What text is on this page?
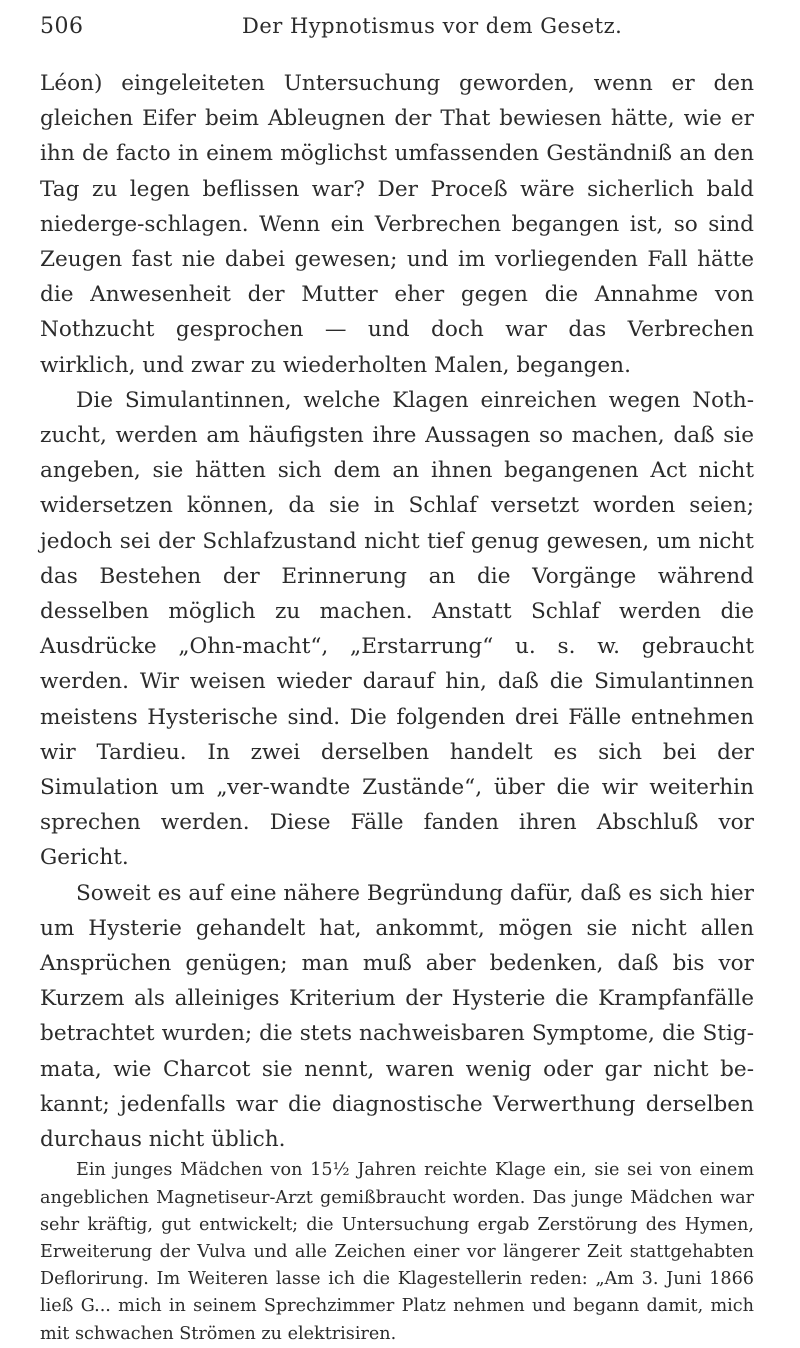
506	Der Hypnotismus vor dem Gesetz.

Léon) eingeleiteten Untersuchung geworden, wenn er den gleichen Eifer beim Ableugnen der That bewiesen hätte, wie er ihn de facto in einem möglichst umfassenden Geständniß an den Tag zu legen beflissen war? Der Proceß wäre sicherlich bald niederge-schlagen. Wenn ein Verbrechen begangen ist, so sind Zeugen fast nie dabei gewesen; und im vorliegenden Fall hätte die Anwesenheit der Mutter eher gegen die Annahme von Nothzucht gesprochen — und doch war das Verbrechen wirklich, und zwar zu wiederholten Malen, begangen.

Die Simulantinnen, welche Klagen einreichen wegen Noth-zucht, werden am häufigsten ihre Aussagen so machen, daß sie angeben, sie hätten sich dem an ihnen begangenen Act nicht widersetzen können, da sie in Schlaf versetzt worden seien; jedoch sei der Schlafzustand nicht tief genug gewesen, um nicht das Bestehen der Erinnerung an die Vorgänge während desselben möglich zu machen. Anstatt Schlaf werden die Ausdrücke „Ohn-macht“, „Erstarrung“ u. s. w. gebraucht werden. Wir weisen wieder darauf hin, daß die Simulantinnen meistens Hysterische sind. Die folgenden drei Fälle entnehmen wir Tardieu. In zwei derselben handelt es sich bei der Simulation um „ver-wandte Zustände“, über die wir weiterhin sprechen werden. Diese Fälle fanden ihren Abschluß vor Gericht.

Soweit es auf eine nähere Begründung dafür, daß es sich hier um Hysterie gehandelt hat, ankommt, mögen sie nicht allen Ansprüchen genügen; man muß aber bedenken, daß bis vor Kurzem als alleiniges Kriterium der Hysterie die Krampfanfälle betrachtet wurden; die stets nachweisbaren Symptome, die Stig-mata, wie Charcot sie nennt, waren wenig oder gar nicht be-kannt; jedenfalls war die diagnostische Verwerthung derselben durchaus nicht üblich.

Ein junges Mädchen von 15½ Jahren reichte Klage ein, sie sei von einem angeblichen Magnetiseur-Arzt gemißbraucht worden. Das junge Mädchen war sehr kräftig, gut entwickelt; die Untersuchung ergab Zerstörung des Hymen, Erweiterung der Vulva und alle Zeichen einer vor längerer Zeit stattgehabten Deflorirung. Im Weiteren lasse ich die Klagestellerin reden: „Am 3. Juni 1866 ließ G... mich in seinem Sprechzimmer Platz nehmen und begann damit, mich mit schwachen Strömen zu elektrisiren.
